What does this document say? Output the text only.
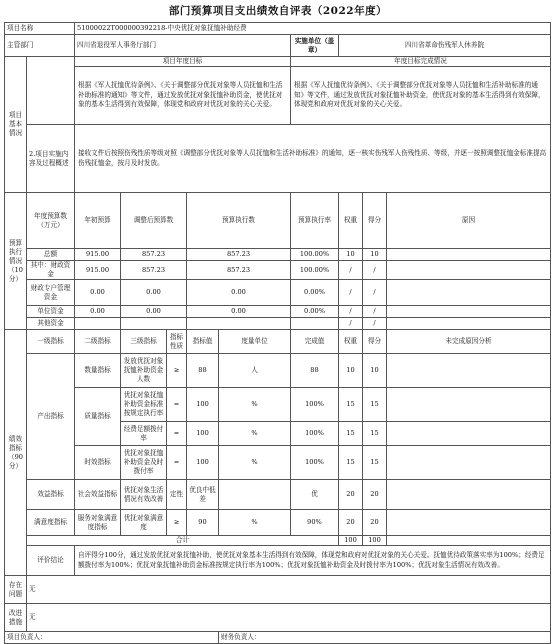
部门预算项目支出绩效自评表（2022年度）
项目名称		51000022T000000392218-中央优抚对象抚恤补助经费								
主管部门		四川省退役军人事务厅部门					实施单位（盖章）	四川省革命伤残军人休养院		
项目基本情况		项目年度目标					年度目标完成情况			
		根据《军人抚恤优待条例》、《关于调整部分优抚对象等人员抚恤和生活补助标准的通知》等文件，通过发放优抚对象抚恤补助资金，使优抚对象的基本生活得到有效保障，体现党和政府对优抚对象的关心关爱。					根据《军人抚恤优待条例》、《关于调整部分优抚对象等人员抚恤和生活补助标准的通知》等文件，通过发放优抚对象抚恤补助资金，使优抚对象的基本生活得到有效保障，体现党和政府对优抚对象的关心关爱。			
	2.项目实施内容及过程概述	接收文件后按照伤残性质等级对照《调整部分优抚对象等人员抚恤和生活补助标准》的通知，逐一核实伤残军人伤残性质、等级，并逐一按照调整抚恤金标准提高伤残抚恤金，按月及时发放。								

预算执行情况（10分）	年度预算数（万元）	年初预算	调整后预算数		预算执行数		预算执行率	权重	得分	原因
	总额	915.00	857.23		857.23		100.00%	10	10	
	其中：财政资金	915.00	857.23		857.23		100.00%	/	/	
	财政专户管理资金	0.00	0.00		0.00		0.00%	/	/	
	单位资金	0.00	0.00		0.00		0.00%	/	/	
	其他资金							/	/	
绩效指标（90分）	一级指标	二级指标	三级指标	指标性质	指标值	度量单位	完成值	权重	得分	未完成原因分析
	产出指标	数量指标	发放优抚对象抚恤补助资金人数	≥	88	人	88	10	10	
		质量指标	优抚对象抚恤补助资金标准按规定执行率	=	100	%	100%	15	15	
			经费足额拨付率	=	100	%	100%	15	15	
		时效指标	优抚对象抚恤补助资金及时拨付率	=	100	%	100%	15	15	
	效益指标	社会效益指标	优抚对象生活情况有效改善	定性	优良中低差		优	20	20	
	满意度指标	服务对象满意度指标	优抚对象满意度	≥	90	%	90%	20	20	
	合计							100	100	
	评价结论	自评得分100分，通过发放优抚对象抚恤补助，使优抚对象基本生活得到有效保障，体现党和政府对优抚对象的关心关爱。抚恤优待政策落实率为100%；经费足额拨付率为100%；优抚对象抚恤补助资金标准按规定执行率为100%；优抚对象抚恤补助资金及时拨付率为100%；优抚对象生活情况有效改善。								
存在问题	无									
改进措施	无									
项目负责人：						财务负责人：				
